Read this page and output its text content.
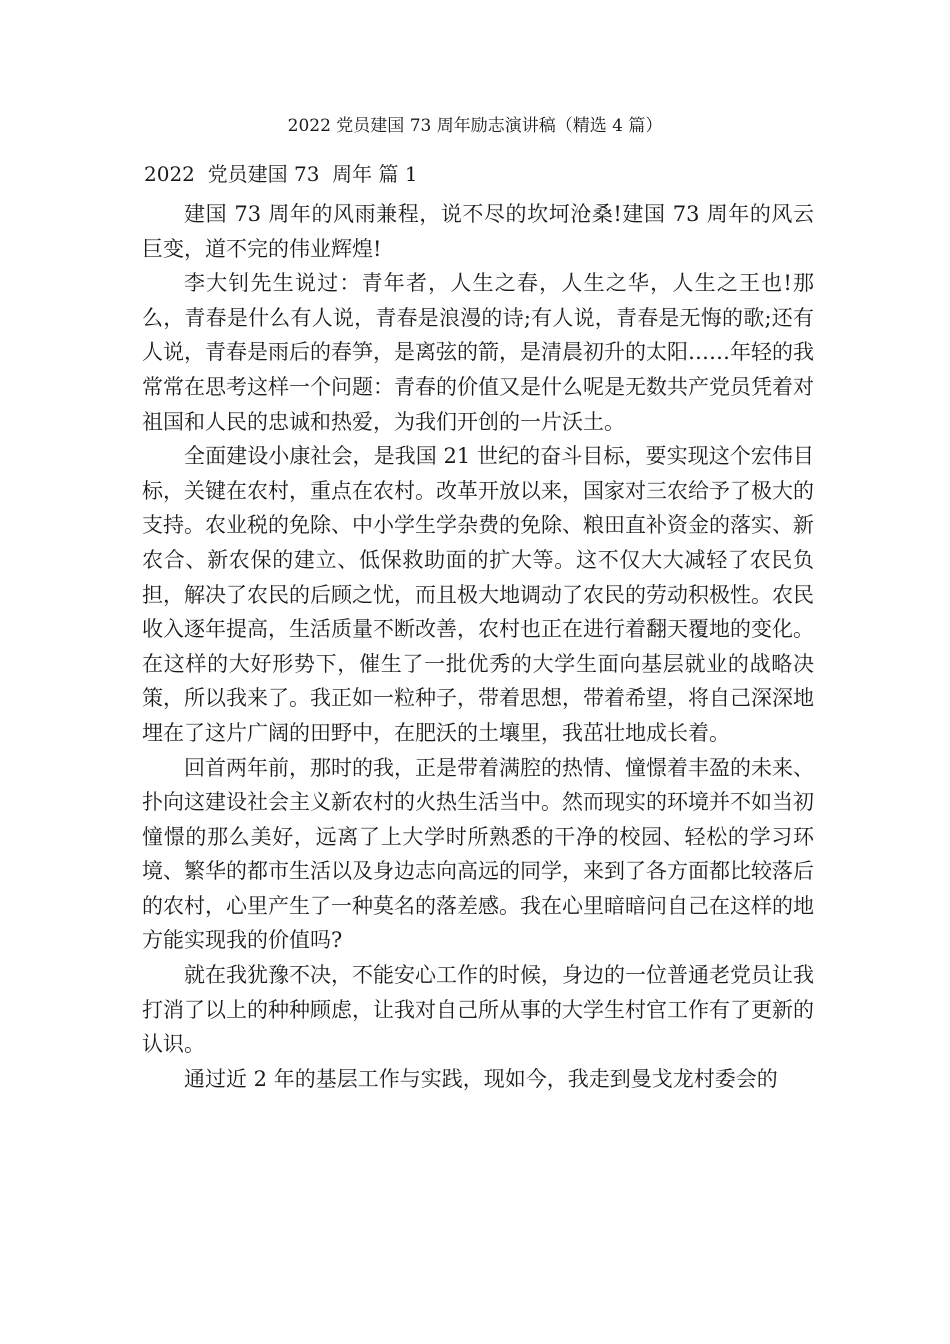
2022 党员建国 73 周年励志演讲稿（精选 4 篇）
2022  党员建国 73  周年 篇 1

建国 73 周年的风雨兼程，说不尽的坎坷沧桑!建国 73 周年的风云巨变，道不完的伟业辉煌!

李大钊先生说过：青年者，人生之春，人生之华，人生之王也!那么，青春是什么有人说，青春是浪漫的诗;有人说，青春是无悔的歌;还有人说，青春是雨后的春笋，是离弦的箭，是清晨初升的太阳……年轻的我常常在思考这样一个问题：青春的价值又是什么呢是无数共产党员凭着对祖国和人民的忠诚和热爱，为我们开创的一片沃土。

全面建设小康社会，是我国 21 世纪的奋斗目标，要实现这个宏伟目标，关键在农村，重点在农村。改革开放以来，国家对三农给予了极大的支持。农业税的免除、中小学生学杂费的免除、粮田直补资金的落实、新农合、新农保的建立、低保救助面的扩大等。这不仅大大减轻了农民负担，解决了农民的后顾之忧，而且极大地调动了农民的劳动积极性。农民收入逐年提高，生活质量不断改善，农村也正在进行着翻天覆地的变化。在这样的大好形势下，催生了一批优秀的大学生面向基层就业的战略决策，所以我来了。我正如一粒种子，带着思想，带着希望，将自己深深地埋在了这片广阔的田野中，在肥沃的土壤里，我茁壮地成长着。

回首两年前，那时的我，正是带着满腔的热情、憧憬着丰盈的未来、扑向这建设社会主义新农村的火热生活当中。然而现实的环境并不如当初憧憬的那么美好，远离了上大学时所熟悉的干净的校园、轻松的学习环境、繁华的都市生活以及身边志向高远的同学，来到了各方面都比较落后的农村，心里产生了一种莫名的落差感。我在心里暗暗问自己在这样的地方能实现我的价值吗?

就在我犹豫不决，不能安心工作的时候，身边的一位普通老党员让我打消了以上的种种顾虑，让我对自己所从事的大学生村官工作有了更新的认识。

通过近 2 年的基层工作与实践，现如今，我走到曼戈龙村委会的
